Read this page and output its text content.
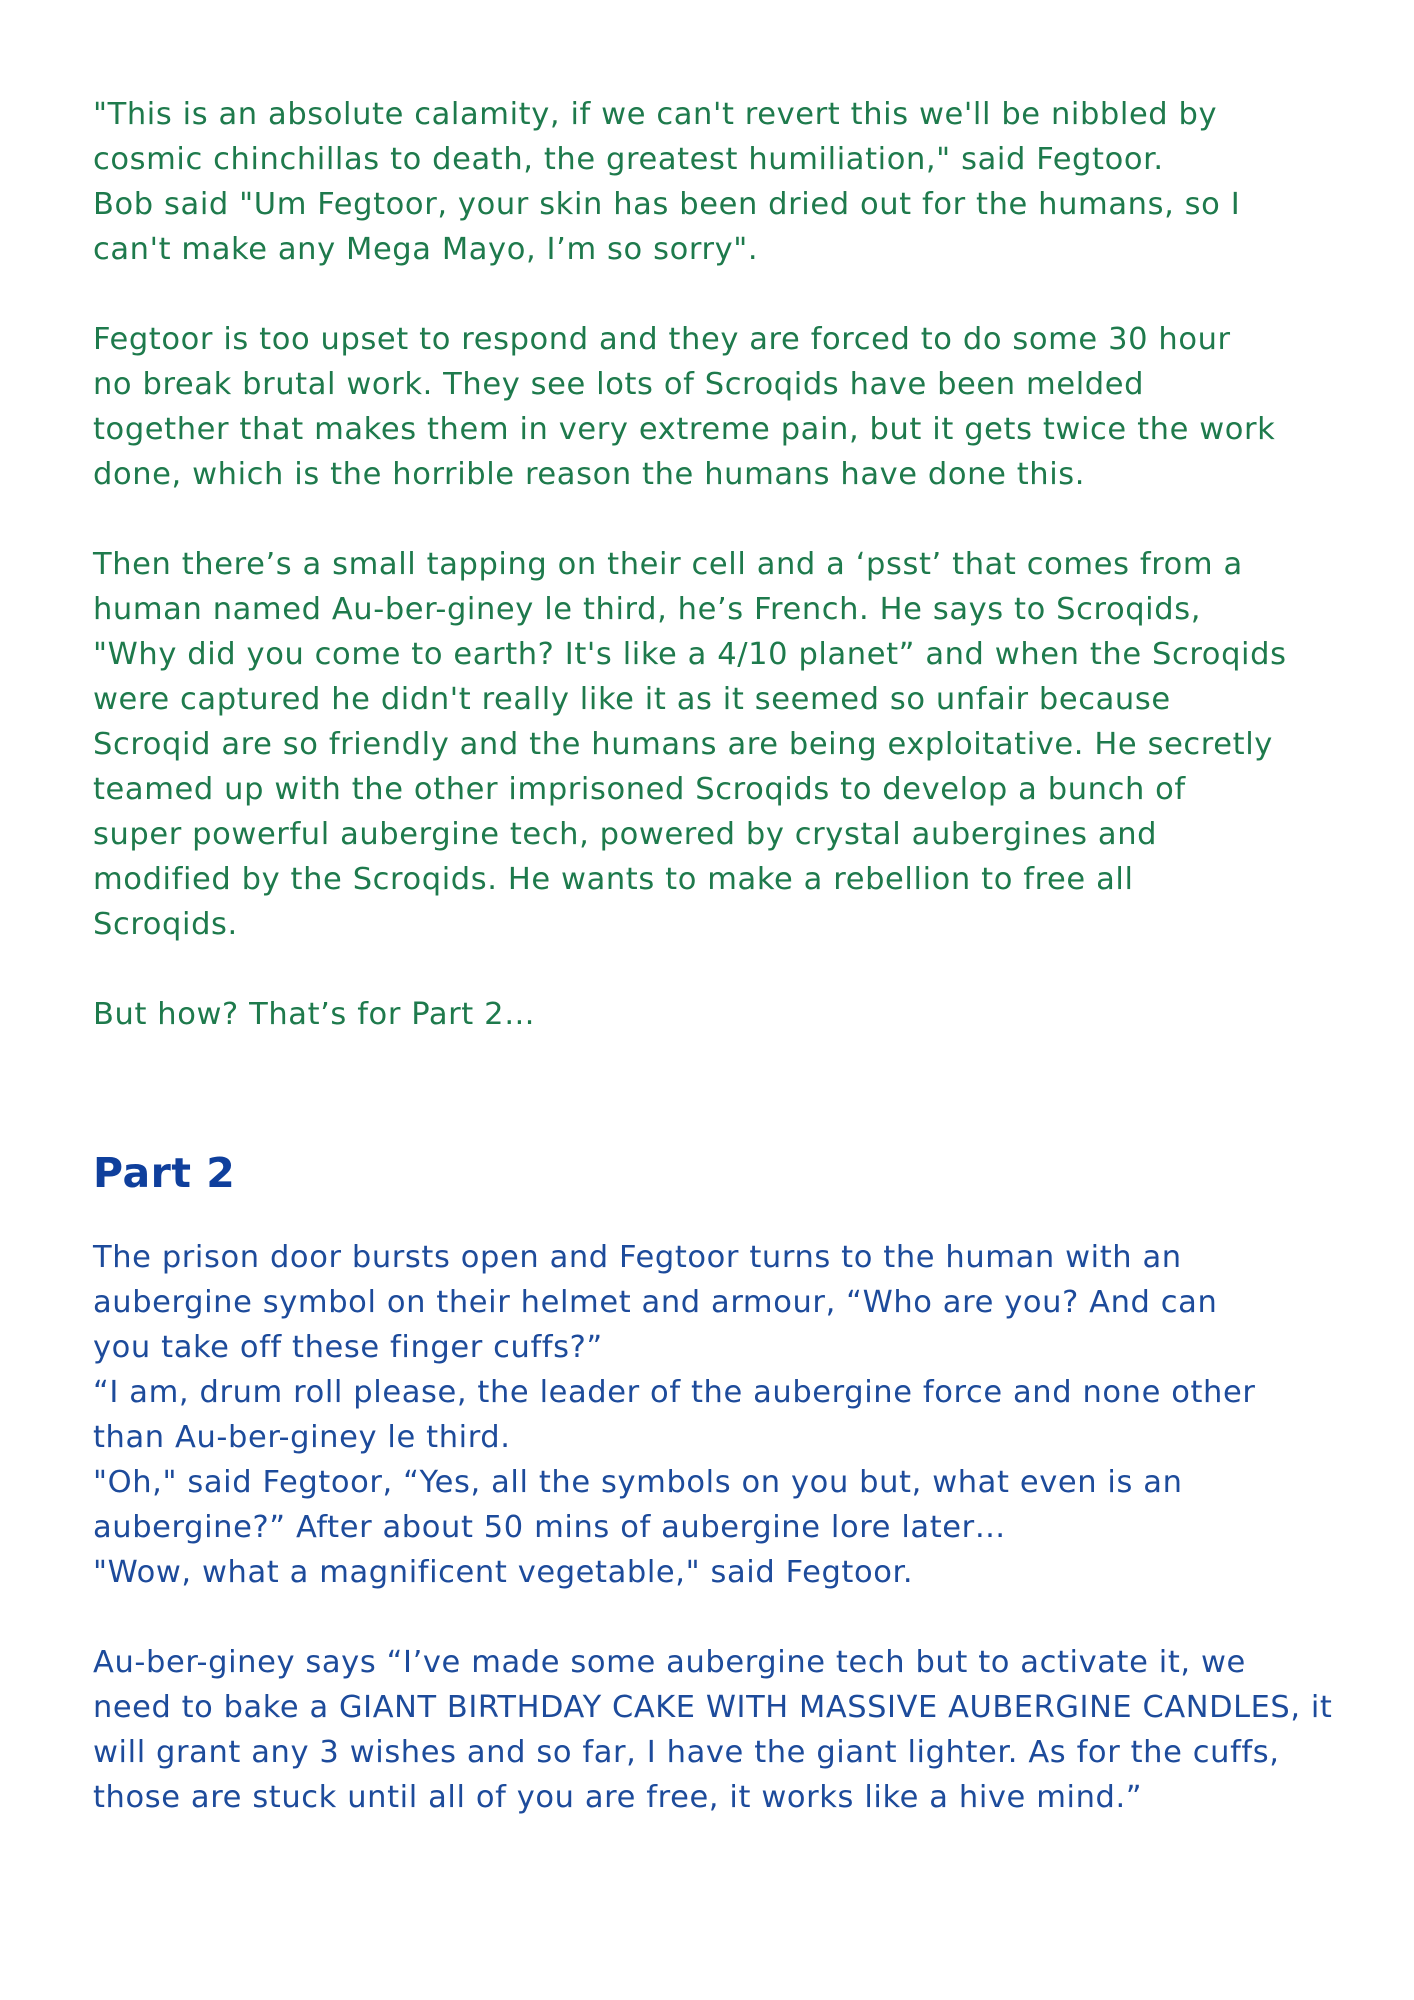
"This is an absolute calamity, if we can't revert this we'll be nibbled by

cosmic chinchillas to death, the greatest humiliation," said Fegtoor.

Bob said "Um Fegtoor, your skin has been dried out for the humans, so I

can't make any Mega Mayo, I’m so sorry".

Fegtoor is too upset to respond and they are forced to do some 30 hour

no break brutal work. They see lots of Scroqids have been melded

together that makes them in very extreme pain, but it gets twice the work

done, which is the horrible reason the humans have done this.

Then there’s a small tapping on their cell and a ‘psst’ that comes from a

human named Au-ber-giney le third, he’s French. He says to Scroqids,

"Why did you come to earth? It's like a 4/10 planet” and when the Scroqids

were captured he didn't really like it as it seemed so unfair because

Scroqid are so friendly and the humans are being exploitative. He secretly

teamed up with the other imprisoned Scroqids to develop a bunch of

super powerful aubergine tech, powered by crystal aubergines and

modified by the Scroqids. He wants to make a rebellion to free all

Scroqids.

But how? That’s for Part 2…

Part 2

The prison door bursts open and Fegtoor turns to the human with an

aubergine symbol on their helmet and armour, “Who are you? And can

you take off these finger cuffs?”

“I am, drum roll please, the leader of the aubergine force and none other

than Au-ber-giney le third.

"Oh," said Fegtoor, “Yes, all the symbols on you but, what even is an

aubergine?” After about 50 mins of aubergine lore later…

"Wow, what a magnificent vegetable," said Fegtoor.

Au-ber-giney says “I’ve made some aubergine tech but to activate it, we

need to bake a GIANT BIRTHDAY CAKE WITH MASSIVE AUBERGINE CANDLES, it

will grant any 3 wishes and so far, I have the giant lighter. As for the cuffs,

those are stuck until all of you are free, it works like a hive mind.”
